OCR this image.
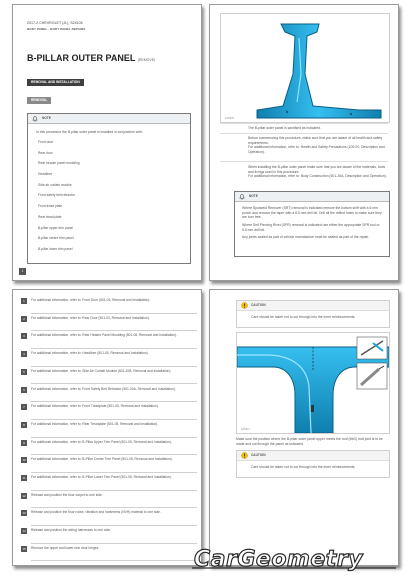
2017-2 CHEVROLET (JL), S24105
BODY PANEL - BODY PANEL REPAIRS
B-PILLAR OUTER PANEL (REMOVE)
REMOVAL AND INSTALLATION
REMOVAL
NOTE
In this procedure the B-pillar outer panel is installed in conjunction with:
Front door
Rear door
Rear header panel moulding
Headliner
Side air curtain module
Front safety belt retractor
Front tread plate
Rear tread plate
B-pillar upper trim panel
B-pillar centre trim panel
B-pillar lower trim panel
1
E25836
The B-pillar outer panel is sanitised as indicated.
Before commencing this procedure, make sure that you are aware of all health and safety requirements.
For additional information, refer to: Health and Safety Precautions (100-00, Description and Operation).
When installing the B-pillar outer panel make sure that you are aware of the materials, tools and fixings used in this procedure.
For additional information, refer to: Body Construction (501-25A, Description and Operation).
NOTE
Where Spotweld Remover (SRT) removal is indicated remove the bottom shift with a 6 mm punch and remove the taper with a 8.5 mm drill bit. Drill all the drilled holes to make sure they are burr free.
Where Self Piercing Rivet (SPR) removal is indicated use either the appropriate SPR tool or 5.5 mm drill bit.
Any joints sealed as part of vehicle manufacture must be sealed as part of the repair.
1	For additional information, refer to: Front Door (501-03, Removal and Installation).
2	For additional information, refer to: Rear Door (501-03, Removal and Installation).
3	For additional information, refer to: Rear Header Panel Moulding (501-08, Removal and Installation).
4	For additional information, refer to: Headliner (501-05, Removal and Installation).
5	For additional information, refer to: Side Air Curtain Module (501-20B, Removal and Installation).
6	For additional information, refer to: Front Safety Belt Retractor (501-20A, Removal and Installation).
7	For additional information, refer to: Front Treadplate (501-05, Removal and Installation).
8	For additional information, refer to: Rear Treadplate (501-05, Removal and Installation).
9	For additional information, refer to: B-Pillar Upper Trim Panel (501-05, Removal and Installation).
10	For additional information, refer to: B-Pillar Center Trim Panel (501-05, Removal and Installation).
11	For additional information, refer to: B-Pillar Lower Trim Panel (501-05, Removal and Installation).
12	Release and position the floor carpet to one side.
13	Release and position the floor noise, vibration and harshness (NVH) material to one side.
14	Release and position the wiring harnesses to one side.
15	Remove the upper and lower rear door hinges.
CAUTION
Care should be taken not to cut through into the inner reinforcements.
E25837
Make sure the position where the B-pillar outer panel upper meets the roof (MIG) butt joint is to be made and cut through the panel as indicated.
CAUTION
Care should be taken not to cut through into the inner reinforcements.
CarGeometry
